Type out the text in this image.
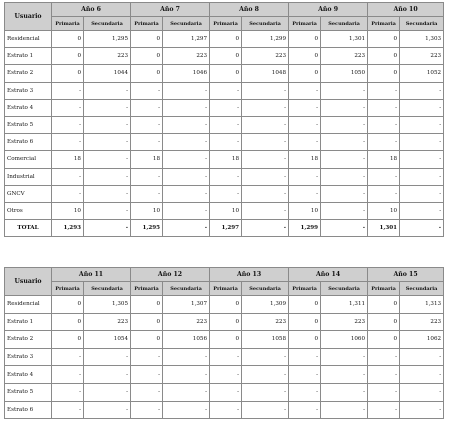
Usuario	Año 6		Año 7		Año 8		Año 9		Año 10	
	Primaria	Secundaria	Primaria	Secundaria	Primaria	Secundaria	Primaria	Secundaria	Primaria	Secundaria
Residencial	0	1,295	0	1,297	0	1,299	0	1,301	0	1,303
Estrato 1	0	223	0	223	0	223	0	223	0	223
Estrato 2	0	1044	0	1046	0	1048	0	1050	0	1052
Estrato 3	-	-	-	-	-	-	-	-	-	-
Estrato 4	-	-	-	-	-	-	-	-	-	-
Estrato 5	-	-	-	-	-	-	-	-	-	-
Estrato 6	-	-	-	-	-	-	-	-	-	-
Comercial	18	-	18	-	18	-	18	-	18	-
Industrial	-	-	-	-	-	-	-	-	-	-
GNCV	-	-	-	-	-	-	-	-	-	-
Otros	10	-	10	-	10	-	10	-	10	-
TOTAL	1,293	-	1,295	-	1,297	-	1,299	-	1,301	-
Usuario	Año 11		Año 12		Año 13		Año 14		Año 15	
	Primaria	Secundaria	Primaria	Secundaria	Primaria	Secundaria	Primaria	Secundaria	Primaria	Secundaria
Residencial	0	1,305	0	1,307	0	1,309	0	1,311	0	1,313
Estrato 1	0	223	0	223	0	223	0	223	0	223
Estrato 2	0	1054	0	1056	0	1058	0	1060	0	1062
Estrato 3	-	-	-	-	-	-	-	-	-	-
Estrato 4	-	-	-	-	-	-	-	-	-	-
Estrato 5	-	-	-	-	-	-	-	-	-	-
Estrato 6	-	-	-	-	-	-	-	-	-	-
